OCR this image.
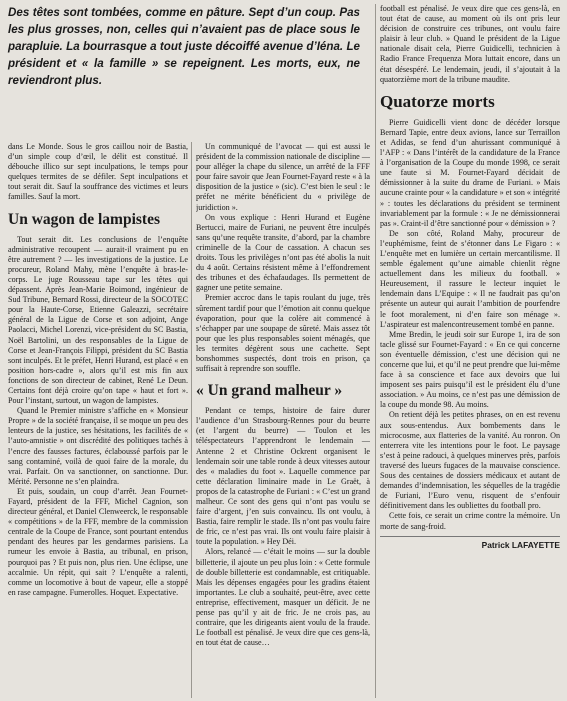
Des têtes sont tombées, comme en pâture. Sept d’un coup. Pas les plus grosses, non, celles qui n’avaient pas de place sous le parapluie. La bourrasque a tout juste décoiffé avenue d’Iéna. Le président et « la famille » se repeignent. Les morts, eux, ne reviendront plus.

dans Le Monde. Sous le gros caillou noir de Bastia, d’un simple coup d’œil, le délit est constitué. Il débouche illico sur sept inculpations, le temps pour quelques termites de se défiler. Sept inculpations et tout serait dit. Sauf la souffrance des victimes et leurs familles. Sauf la mort.

Un wagon de lampistes

Tout serait dit. Les conclusions de l’enquête administrative recoupent — aurait-il vraiment pu en être autrement ? — les investigations de la justice. Le procureur, Roland Mahy, mène l’enquête à bras-le-corps. Le juge Rousseau tape sur les têtes qui dépassent. Après Jean-Marie Boimond, ingénieur de Sud Tribune, Bernard Rossi, directeur de la SOCOTEC pour la Haute-Corse, Etienne Galeazzi, secrétaire général de la Ligue de Corse et son adjoint, Ange Paolacci, Michel Lorenzi, vice-président du SC Bastia, Noël Bartolini, un des responsables de la Ligue de Corse et Jean-François Filippi, président du SC Bastia sont inculpés. Et le préfet, Henri Hurand, est placé « en position hors-cadre », alors qu’il est mis fin aux fonctions de son directeur de cabinet, René Le Deun. Certains font déjà croire qu’on tape « haut et fort ». Pour l’instant, surtout, un wagon de lampistes.

Quand le Premier ministre s’affiche en « Monsieur Propre » de la société française, il se moque un peu des lenteurs de la justice, ses hésitations, les facilités de « l’auto-amnistie » ont discrédité des politiques tachés à l’encre des fausses factures, éclaboussé parfois par le sang contaminé, voilà de quoi faire de la morale, du vrai. Parfait. On va sanctionner, on sanctionne. Dur. Mérité. Personne ne s’en plaindra.

Et puis, soudain, un coup d’arrêt. Jean Fournet-Fayard, président de la FFF, Michel Cagnion, son directeur général, et Daniel Clenweerck, le responsable « compétitions » de la FFF, membre de la commission centrale de la Coupe de France, sont pourtant entendus pendant des heures par les gendarmes parisiens. La rumeur les envoie à Bastia, au tribunal, en prison, pourquoi pas ? Et puis non, plus rien. Une éclipse, une accalmie. Un répit, qui sait ? L’enquête a ralenti, comme un locomotive à bout de vapeur, elle a stoppé en rase campagne. Fumerolles. Hoquet. Expectative.

Un communiqué de l’avocat — qui est aussi le président de la commission nationale de discipline — pour alléger la chape du silence, un arrêté de la FFF pour faire savoir que Jean Fournet-Fayard reste « à la disposition de la justice » (sic). C’est bien le seul : le préfet ne mérite bénéficient du « privilège de juridiction ».

On vous explique : Henri Hurand et Eugène Bertucci, maire de Furiani, ne peuvent être inculpés sans qu’une requête transite, d’abord, par la chambre criminelle de la Cour de cassation. A chacun ses droits. Tous les privilèges n’ont pas été abolis la nuit du 4 août. Certains résistent même à l’effondrement des tribunes et des échafaudages. Ils permettent de gagner une petite semaine.

Premier accroc dans le tapis roulant du juge, très sûrement tardif pour que l’émotion ait connu quelque évaporation, pour que la colère ait commencé à s’échapper par une soupape de sûreté. Mais assez tôt pour que les plus responsables soient ménagés, que les termites dégèrent sous une cachette. Sept bonshommes suspectés, dont trois en prison, ça suffisait à reprendre son souffle.

« Un grand malheur »

Pendant ce temps, histoire de faire durer l’audience d’un Strasbourg-Rennes pour du beurre (et l’argent du beurre) — Toulon et les téléspectateurs l’apprendront le lendemain — Antenne 2 et Christine Ockrent organisent le lendemain soir une table ronde à deux vitesses autour des « maladies du foot ». Laquelle commence par cette déclaration liminaire made in Le Graët, à propos de la catastrophe de Furiani : « C’est un grand malheur. Ce sont des gens qui n’ont pas voulu se faire d’argent, j’en suis convaincu. Ils ont voulu, à Bastia, faire remplir le stade. Ils n’ont pas voulu faire de fric, ce n’est pas vrai. Ils ont voulu faire plaisir à toute la population. » Hey Déi.

Alors, relancé — c’était le moins — sur la double billetterie, il ajoute un peu plus loin : « Cette formule de double billetterie est condamnable, est critiquable. Mais les dépenses engagées pour les gradins étaient importantes. Le club a souhaité, peut-être, avec cette entreprise, effectivement, masquer un déficit. Je ne pense pas qu’il y ait de fric. Je ne crois pas, au contraire, que les dirigeants aient voulu de la fraude. Le football est pénalisé. Je veux dire que ces gens-là, en tout état de cause…

football est pénalisé. Je veux dire que ces gens-là, en tout état de cause, au moment où ils ont pris leur décision de construire ces tribunes, ont voulu faire plaisir à leur club. » Quand le président de la Ligue nationale disait cela, Pierre Guidicelli, technicien à Radio France Frequenza Mora luttait encore, dans un état désespéré. Le lendemain, jeudi, il s’ajoutait à la quatorzième mort de la tribune maudite.

Quatorze morts

Pierre Guidicelli vient donc de décéder lorsque Bernard Tapie, entre deux avions, lance sur Terraillon et Adidas, se fend d’un ahurissant communiqué à l’AFP : « Dans l’intérêt de la candidature de la France à l’organisation de la Coupe du monde 1998, ce serait une faute si M. Fournet-Fayard décidait de démissionner à la suite du drame de Furiani. » Mais aucune crainte pour « la candidature » et son « intégrité » : toutes les déclarations du président se terminent invariablement par la formule : « Je ne démissionnerai pas ». Craint-il d’être sanctionné pour « démission » ?

De son côté, Roland Mahy, procureur de l’euphémisme, feint de s’étonner dans Le Figaro : « L’enquête met en lumière un certain mercantilisme. Il semble également qu’une aimable chienlit règne actuellement dans les milieux du football. » Heureusement, il rassure le lecteur inquiet le lendemain dans L’Equipe : « Il ne faudrait pas qu’on présente un auteur qui aurait l’ambition de pourfendre le foot moralement, ni d’en faire son ménage ». L’aspirateur est malencontreusement tombé en panne.

Mme Bredin, le jeudi soir sur Europe 1, ira de son tacle glissé sur Fournet-Fayard : « En ce qui concerne son éventuelle démission, c’est une décision qui ne concerne que lui, et qu’il ne peut prendre que lui-même face à sa conscience et face aux devoirs que lui imposent ses pairs puisqu’il est le président élu d’une association. » Au moins, ce n’est pas une démission de la coupe du monde 98. Au moins.

On retient déjà les petites phrases, on en est revenu aux sous-entendus. Aux bombements dans le microcosme, aux flatteries de la vanité. Au ronron. On enterrera vite les intentions pour le foot. Le paysage s’est à peine radouci, à quelques minerves près, parfois traversé des lueurs fugaces de la mauvaise conscience. Sous des centaines de dossiers médicaux et autant de demandes d’indemnisation, les séquelles de la tragédie de Furiani, l’Euro venu, risquent de s’enfouir définitivement dans les oubliettes du football pro.

Cette fois, ce serait un crime contre la mémoire. Un morte de sang-froid.

Patrick LAFAYETTE
